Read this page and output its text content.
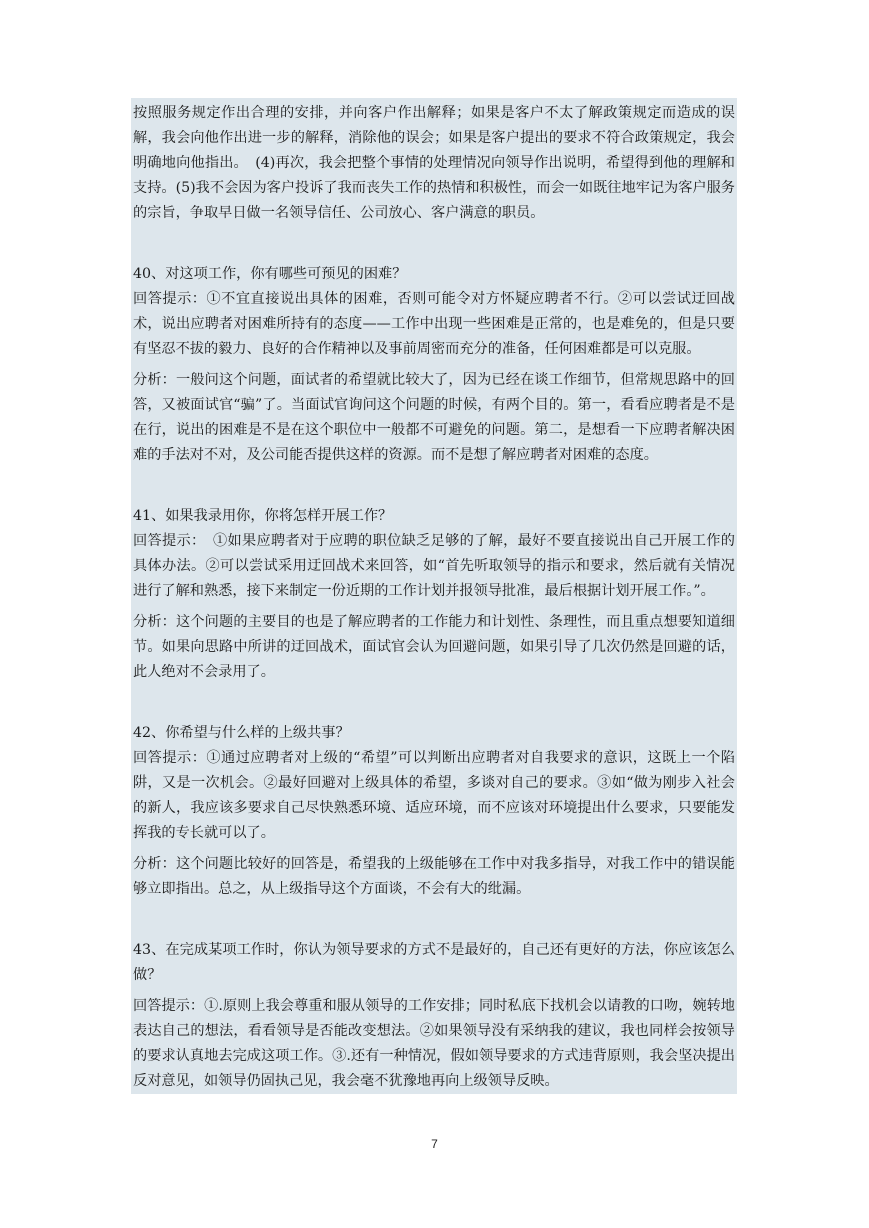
按照服务规定作出合理的安排，并向客户作出解释；如果是客户不太了解政策规定而造成的误解，我会向他作出进一步的解释，消除他的误会；如果是客户提出的要求不符合政策规定，我会明确地向他指出。　(4)再次，我会把整个事情的处理情况向领导作出说明，希望得到他的理解和支持。(5)我不会因为客户投诉了我而丧失工作的热情和积极性，而会一如既往地牢记为客户服务的宗旨，争取早日做一名领导信任、公司放心、客户满意的职员。

40、对这项工作，你有哪些可预见的困难？

回答提示：①不宜直接说出具体的困难，否则可能令对方怀疑应聘者不行。②可以尝试迂回战术，说出应聘者对困难所持有的态度——工作中出现一些困难是正常的，也是难免的，但是只要有坚忍不拔的毅力、良好的合作精神以及事前周密而充分的准备，任何困难都是可以克服。

分析：一般问这个问题，面试者的希望就比较大了，因为已经在谈工作细节，但常规思路中的回答，又被面试官“骗”了。当面试官询问这个问题的时候，有两个目的。第一，看看应聘者是不是在行，说出的困难是不是在这个职位中一般都不可避免的问题。第二，是想看一下应聘者解决困难的手法对不对，及公司能否提供这样的资源。而不是想了解应聘者对困难的态度。

41、如果我录用你，你将怎样开展工作？

回答提示：　①如果应聘者对于应聘的职位缺乏足够的了解，最好不要直接说出自己开展工作的具体办法。②可以尝试采用迂回战术来回答，如“首先听取领导的指示和要求，然后就有关情况进行了解和熟悉，接下来制定一份近期的工作计划并报领导批准，最后根据计划开展工作。”。

分析：这个问题的主要目的也是了解应聘者的工作能力和计划性、条理性，而且重点想要知道细节。如果向思路中所讲的迂回战术，面试官会认为回避问题，如果引导了几次仍然是回避的话，此人绝对不会录用了。

42、你希望与什么样的上级共事？

回答提示：①通过应聘者对上级的“希望”可以判断出应聘者对自我要求的意识，这既上一个陷阱，又是一次机会。②最好回避对上级具体的希望，多谈对自己的要求。③如“做为刚步入社会的新人，我应该多要求自己尽快熟悉环境、适应环境，而不应该对环境提出什么要求，只要能发挥我的专长就可以了。

分析：这个问题比较好的回答是，希望我的上级能够在工作中对我多指导，对我工作中的错误能够立即指出。总之，从上级指导这个方面谈，不会有大的纰漏。

43、在完成某项工作时，你认为领导要求的方式不是最好的，自己还有更好的方法，你应该怎么做？

回答提示：①.原则上我会尊重和服从领导的工作安排；同时私底下找机会以请教的口吻，婉转地表达自己的想法，看看领导是否能改变想法。②如果领导没有采纳我的建议，我也同样会按领导的要求认真地去完成这项工作。③.还有一种情况，假如领导要求的方式违背原则，我会坚决提出反对意见，如领导仍固执己见，我会毫不犹豫地再向上级领导反映。

7
